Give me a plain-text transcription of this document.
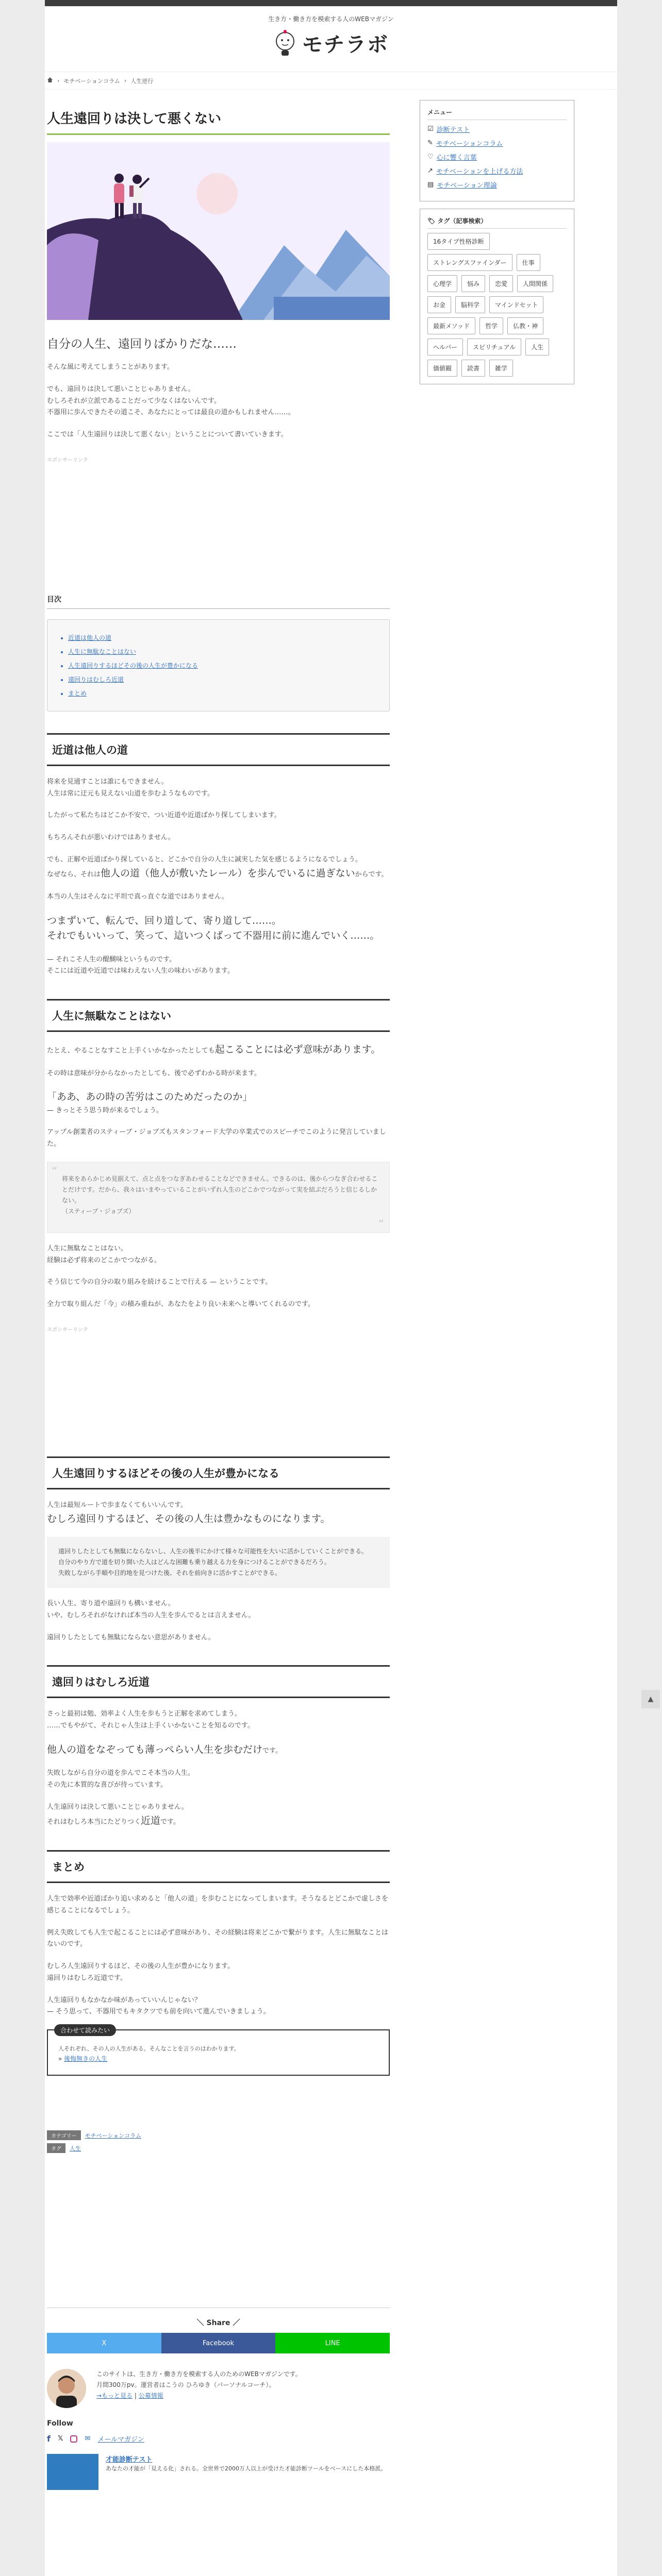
生き方・働き方を模索する人のWEBマガジン
モチラボ
› モチベーションコラム › 人生逆行
人生遠回りは決して悪くない
自分の人生、遠回りばかりだな……

そんな風に考えてしまうことがあります。

でも、遠回りは決して悪いことじゃありません。
むしろそれが立派であることだって少なくはないんです。
不器用に歩んできたその道こそ、あなたにとっては最良の道かもしれません……。

ここでは「人生遠回りは決して悪くない」ということについて書いていきます。

スポンサーリンク
目次
• 近道は他人の道
• 人生に無駄なことはない
• 人生遠回りするほどその後の人生が豊かになる
• 遠回りはむしろ近道
• まとめ
近道は他人の道

将来を見通すことは誰にもできません。
人生は常に迂元も見えない山道を歩むようなものです。

したがって私たちはどこか不安で、つい近道や近道ばかり探してしまいます。

もちろんそれが悪いわけではありません。

でも、正解や近道ばかり探していると、どこかで自分の人生に誠実した気を感じるようになるでしょう。

なぜなら、それは他人の道（他人が敷いたレール）を歩んでいるに過ぎないからです。

本当の人生はそんなに平坦で真っ直ぐな道ではありません。

つまずいて、転んで、回り道して、寄り道して……。
それでもいいって、笑って、這いつくばって不器用に前に進んでいく……。

— それこそ人生の醍醐味というものです。
そこには近道や近道では味わえない人生の味わいがあります。

人生に無駄なことはない

たとえ、やることなすこと上手くいかなかったとしても起こることには必ず意味があります。

その時は意味が分からなかったとしても、後で必ずわかる時が来ます。

「ああ、あの時の苦労はこのためだったのか」

— きっとそう思う時が来るでしょう。

アップル創業者のスティーブ・ジョブズもスタンフォード大学の卒業式でのスピーチでこのように発言していました。

“

将来をあらかじめ見据えて、点と点をつなぎあわせることなどできません。できるのは、後からつなぎ合わせることだけです。だから、我々はいまやっていることがいずれ人生のどこかでつながって実を結ぶだろうと信じるしかない。

（スティーブ・ジョブズ）

”

人生に無駄なことはない。
経験は必ず将来のどこかでつながる。

そう信じて今の自分の取り組みを続けることで行える — ということです。

全力で取り組んだ「今」の積み重ねが、あなたをより良い未来へと導いてくれるのです。

スポンサーリンク
人生遠回りするほどその後の人生が豊かになる

人生は最短ルートで歩まなくてもいいんです。

むしろ遠回りするほど、その後の人生は豊かなものになります。

遠回りしたとしても無駄にならないし、人生の後半にかけて様々な可能性を大いに活かしていくことができる。
自分のやり方で道を切り開いた人はどんな困難も乗り越える力を身につけることができるだろう。
失敗しながら手順や目的地を見つけた後、それを前向きに活かすことができる。

長い人生、寄り道や遠回りも構いません。
いや、むしろそれがなければ本当の人生を歩んでるとは言えません。

遠回りしたとしても無駄にならない意思がありません。

遠回りはむしろ近道

さっと最初は勉、効率よく人生を歩もうと正解を求めてしまう。
……でもやがて、それじゃ人生は上手くいかないことを知るのです。

他人の道をなぞっても薄っぺらい人生を歩むだけです。

失敗しながら自分の道を歩んでこそ本当の人生。
その先に本質的な喜びが待っています。

人生遠回りは決して悪いことじゃありません。
それはむしろ本当にたどりつく近道です。

まとめ

人生で効率や近道ばかり追い求めると「他人の道」を歩むことになってしまいます。そうなるとどこかで虚しさを感じることになるでしょう。

例え失敗しても人生で起こることには必ず意味があり、その経験は将来どこかで繋がります。人生に無駄なことはないのです。

むしろ人生遠回りするほど、その後の人生が豊かになります。
遠回りはむしろ近道です。

人生遠回りもなかなか味があっていいんじゃない？
— そう思って、不器用でもキタクツでも前を向いて進んでいきましょう。

合わせて読みたい

人それぞれ、その人の人生がある。そんなことを言うのはわかります。

» 後悔無きの人生

カテゴリー	モチベーションコラム
タグ	人生
＼ Share ／
X	Facebook	LINE

このサイトは、生き方・働き方を模索する人のためのWEBマガジンです。

月間300万pv。運営者はこうの ひろゆき（パーソナルコーチ）。

→もっと見る | 公募情報

Follow
f 𝕏	✉ メールマガジン
才能診断テスト

あなたの才能が「見える化」される。全世界で2000万人以上が受けた才能診断ツールをベースにした本格派。

メニュー
☑ 診断テスト
✎ モチベーションコラム
♡ 心に響く言葉
↗ モチベーションを上げる方法
▤ モチベーション理論
🏷 タグ（記事検索）
16タイプ性格診断
ストレングスファインダー	仕事
心理学	悩み	恋愛	人間関係
お金	脳科学	マインドセット
最新メソッド	哲学	仏教・神
ヘルパー	スピリチュアル	人生
価値観	読書	雑学
▲
